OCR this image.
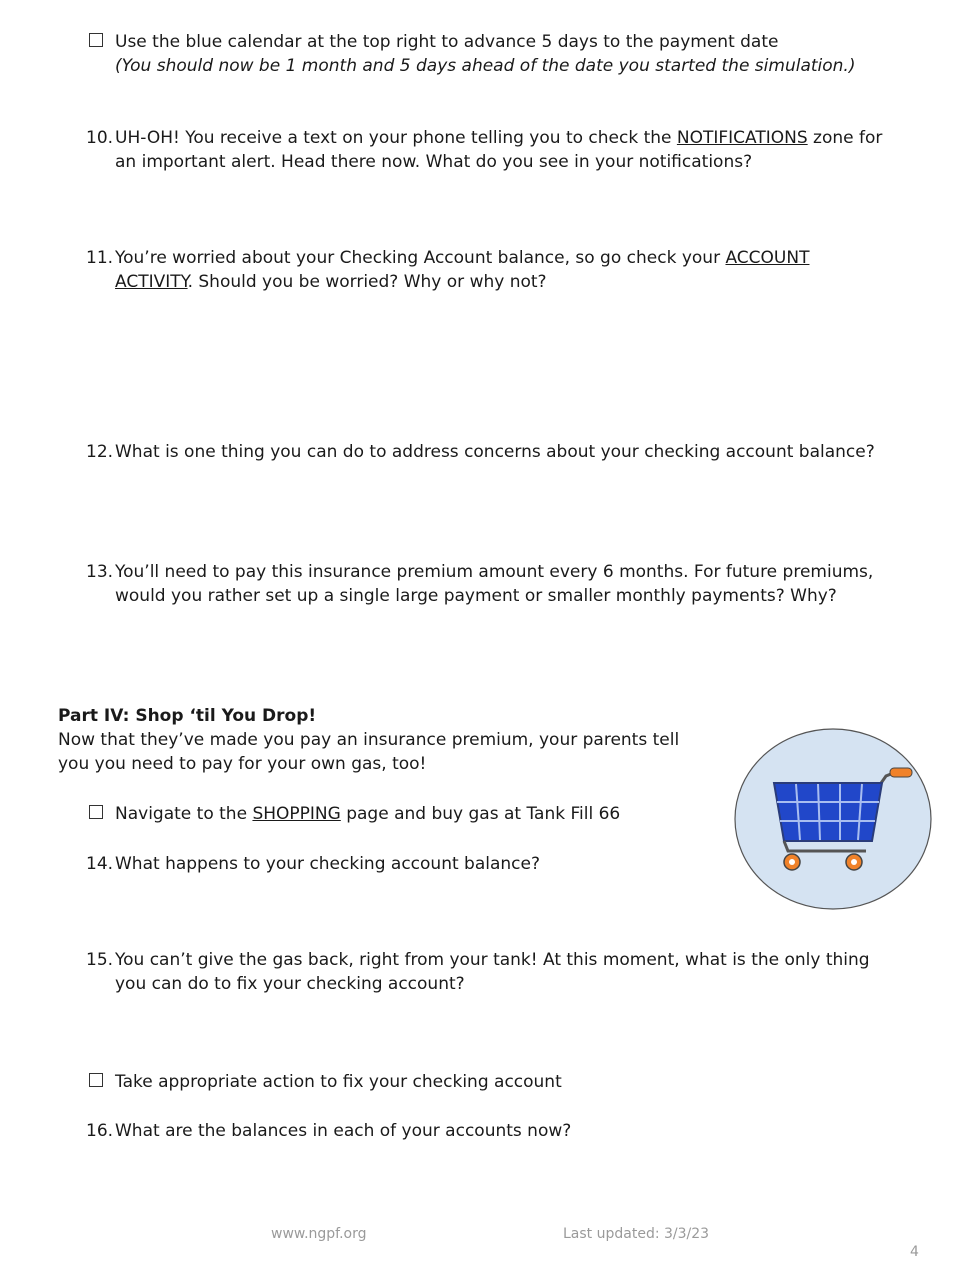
Use the blue calendar at the top right to advance 5 days to the payment date
(You should now be 1 month and 5 days ahead of the date you started the simulation.)
10. UH-OH! You receive a text on your phone telling you to check the NOTIFICATIONS zone for
an important alert. Head there now. What do you see in your notifications?
11. You’re worried about your Checking Account balance, so go check your ACCOUNT
ACTIVITY. Should you be worried? Why or why not?
12. What is one thing you can do to address concerns about your checking account balance?
13. You’ll need to pay this insurance premium amount every 6 months. For future premiums,
would you rather set up a single large payment or smaller monthly payments? Why?
Part IV: Shop ‘til You Drop!
Now that they’ve made you pay an insurance premium, your parents tell
you you need to pay for your own gas, too!
Navigate to the SHOPPING page and buy gas at Tank Fill 66
14. What happens to your checking account balance?
15. You can’t give the gas back, right from your tank! At this moment, what is the only thing
you can do to fix your checking account?
Take appropriate action to fix your checking account
16. What are the balances in each of your accounts now?
www.ngpf.org	Last updated: 3/3/23
4
